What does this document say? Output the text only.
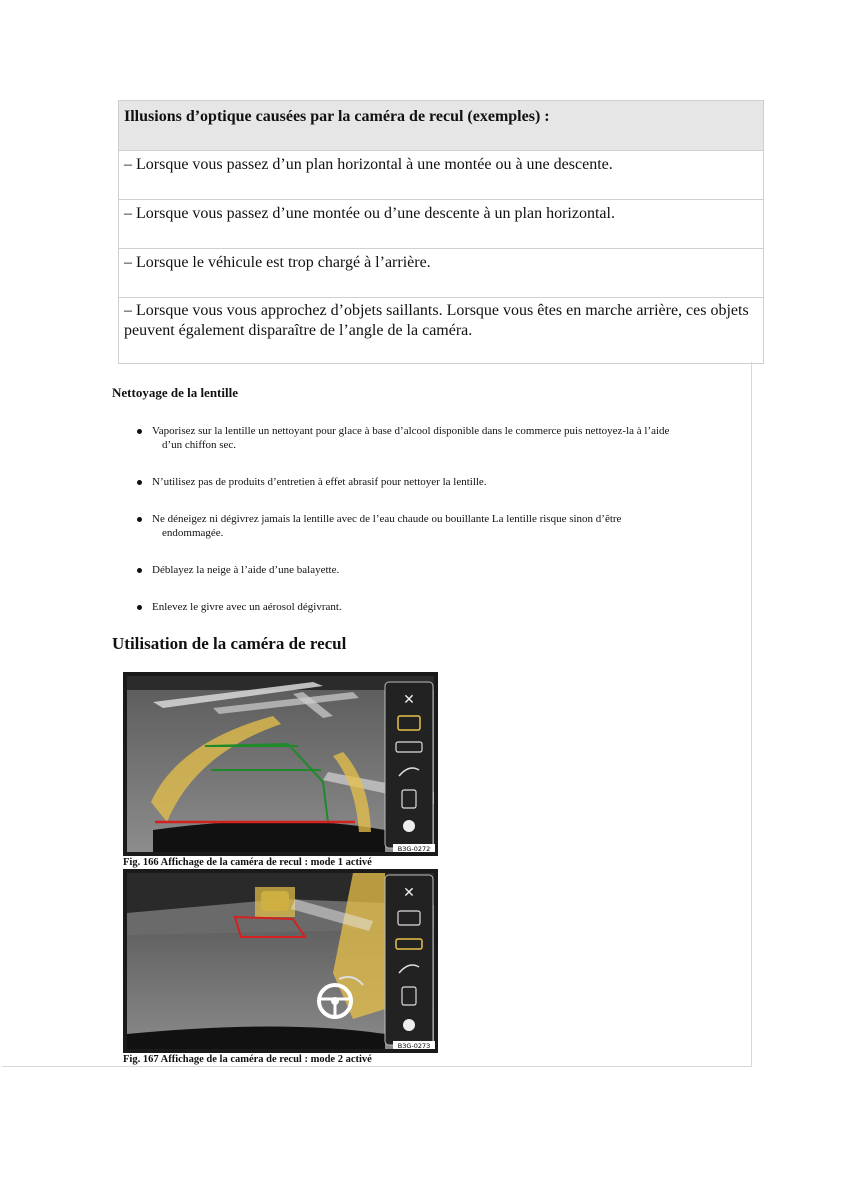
Illusions d’optique causées par la caméra de recul (exemples) :
– Lorsque vous passez d’un plan horizontal à une montée ou à une descente.
– Lorsque vous passez d’une montée ou d’une descente à un plan horizontal.
– Lorsque le véhicule est trop chargé à l’arrière.
– Lorsque vous vous approchez d’objets saillants. Lorsque vous êtes en marche arrière, ces objets peuvent également disparaître de l’angle de la caméra.
Nettoyage de la lentille
Vaporisez sur la lentille un nettoyant pour glace à base d’alcool disponible dans le commerce puis nettoyez-la à l’aide
d’un chiffon sec.
N’utilisez pas de produits d’entretien à effet abrasif pour nettoyer la lentille.
Ne déneigez ni dégivrez jamais la lentille avec de l’eau chaude ou bouillante La lentille risque sinon d’être
endommagée.
Déblayez la neige à l’aide d’une balayette.
Enlevez le givre avec un aérosol dégivrant.
Utilisation de la caméra de recul
✕
B3G-0272
Fig. 166 Affichage de la caméra de recul : mode 1 activé
✕
B3G-0273
Fig. 167 Affichage de la caméra de recul : mode 2 activé
